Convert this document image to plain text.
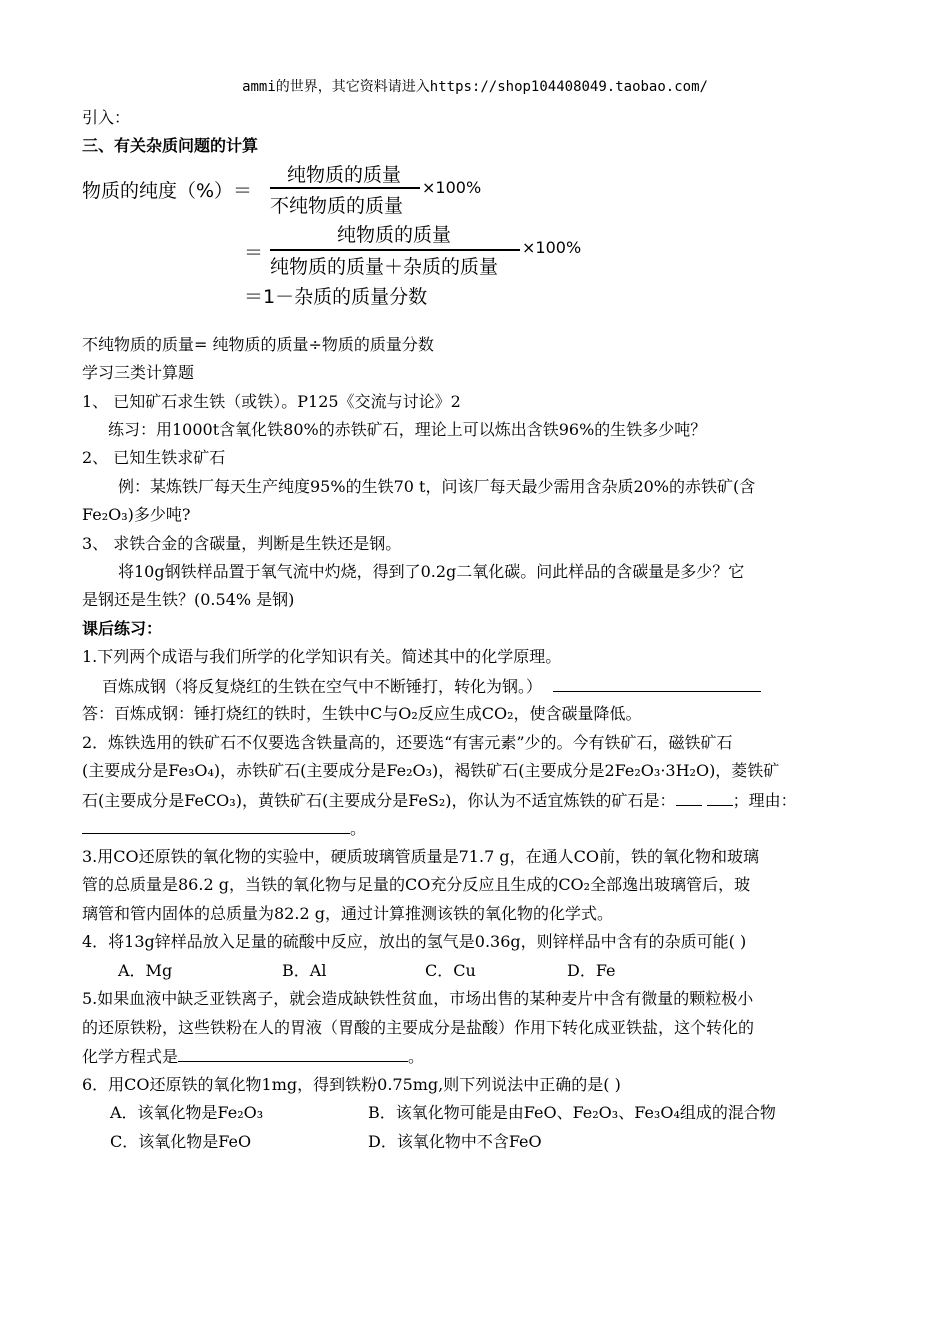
ammi的世界，其它资料请进入https://shop104408049.taobao.com/
引入：
三、有关杂质问题的计算
物质的纯度（%）＝
纯物质的质量
不纯物质的质量
×100%
＝
纯物质的质量
纯物质的质量＋杂质的质量
×100%
＝1－杂质的质量分数
不纯物质的质量= 纯物质的质量÷物质的质量分数
学习三类计算题
1、 已知矿石求生铁（或铁）。P125《交流与讨论》2
练习：用1000t含氧化铁80%的赤铁矿石，理论上可以炼出含铁96%的生铁多少吨？
2、 已知生铁求矿石
例：某炼铁厂每天生产纯度95%的生铁70 t，问该厂每天最少需用含杂质20%的赤铁矿(含
Fe₂O₃)多少吨?
3、 求铁合金的含碳量，判断是生铁还是钢。
将10g钢铁样品置于氧气流中灼烧，得到了0.2g二氧化碳。问此样品的含碳量是多少？它
是钢还是生铁？(0.54% 是钢)
课后练习：
1.下列两个成语与我们所学的化学知识有关。简述其中的化学原理。
百炼成钢（将反复烧红的生铁在空气中不断锤打，转化为钢。）
答：百炼成钢：锤打烧红的铁时，生铁中C与O₂反应生成CO₂，使含碳量降低。
2．炼铁选用的铁矿石不仅要选含铁量高的，还要选“有害元素”少的。今有铁矿石，磁铁矿石
(主要成分是Fe₃O₄)，赤铁矿石(主要成分是Fe₂O₃)，褐铁矿石(主要成分是2Fe₂O₃·3H₂O)，菱铁矿
石(主要成分是FeCO₃)，黄铁矿石(主要成分是FeS₂)，你认为不适宜炼铁的矿石是：	；理由：
。
3.用CO还原铁的氧化物的实验中，硬质玻璃管质量是71.7 g，在通人CO前，铁的氧化物和玻璃
管的总质量是86.2 g，当铁的氧化物与足量的CO充分反应且生成的CO₂全部逸出玻璃管后，玻
璃管和管内固体的总质量为82.2 g，通过计算推测该铁的氧化物的化学式。
4．将13g锌样品放入足量的硫酸中反应，放出的氢气是0.36g，则锌样品中含有的杂质可能( )
A．Mg	B．Al	C．Cu	D．Fe
5.如果血液中缺乏亚铁离子，就会造成缺铁性贫血，市场出售的某种麦片中含有微量的颗粒极小
的还原铁粉，这些铁粉在人的胃液（胃酸的主要成分是盐酸）作用下转化成亚铁盐，这个转化的
化学方程式是	。
6．用CO还原铁的氧化物1mg，得到铁粉0.75mg,则下列说法中正确的是( )
A．该氧化物是Fe₂O₃	B．该氧化物可能是由FeO、Fe₂O₃、Fe₃O₄组成的混合物
C．该氧化物是FeO	D．该氧化物中不含FeO
